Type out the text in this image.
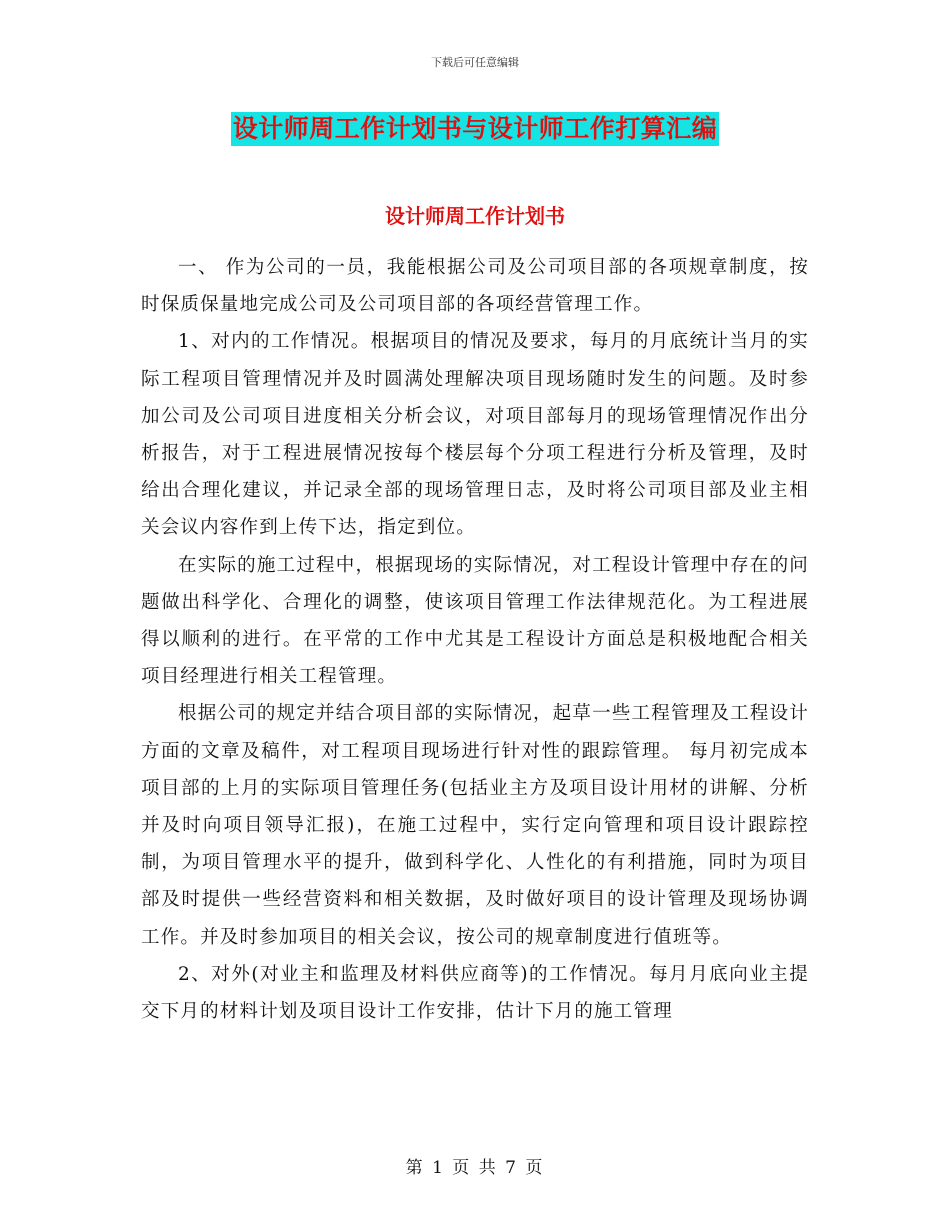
下载后可任意编辑
设计师周工作计划书与设计师工作打算汇编
设计师周工作计划书

一、 作为公司的一员，我能根据公司及公司项目部的各项规章制度，按时保质保量地完成公司及公司项目部的各项经营管理工作。

1、对内的工作情况。根据项目的情况及要求，每月的月底统计当月的实际工程项目管理情况并及时圆满处理解决项目现场随时发生的问题。及时参加公司及公司项目进度相关分析会议，对项目部每月的现场管理情况作出分析报告，对于工程进展情况按每个楼层每个分项工程进行分析及管理，及时给出合理化建议，并记录全部的现场管理日志，及时将公司项目部及业主相关会议内容作到上传下达，指定到位。

在实际的施工过程中，根据现场的实际情况，对工程设计管理中存在的问题做出科学化、合理化的调整，使该项目管理工作法律规范化。为工程进展得以顺利的进行。在平常的工作中尤其是工程设计方面总是积极地配合相关项目经理进行相关工程管理。

根据公司的规定并结合项目部的实际情况，起草一些工程管理及工程设计方面的文章及稿件，对工程项目现场进行针对性的跟踪管理。 每月初完成本项目部的上月的实际项目管理任务(包括业主方及项目设计用材的讲解、分析并及时向项目领导汇报)，在施工过程中，实行定向管理和项目设计跟踪控制，为项目管理水平的提升，做到科学化、人性化的有利措施，同时为项目部及时提供一些经营资料和相关数据，及时做好项目的设计管理及现场协调工作。并及时参加项目的相关会议，按公司的规章制度进行值班等。

2、对外(对业主和监理及材料供应商等)的工作情况。每月月底向业主提交下月的材料计划及项目设计工作安排，估计下月的施工管理

第 1 页 共 7 页
